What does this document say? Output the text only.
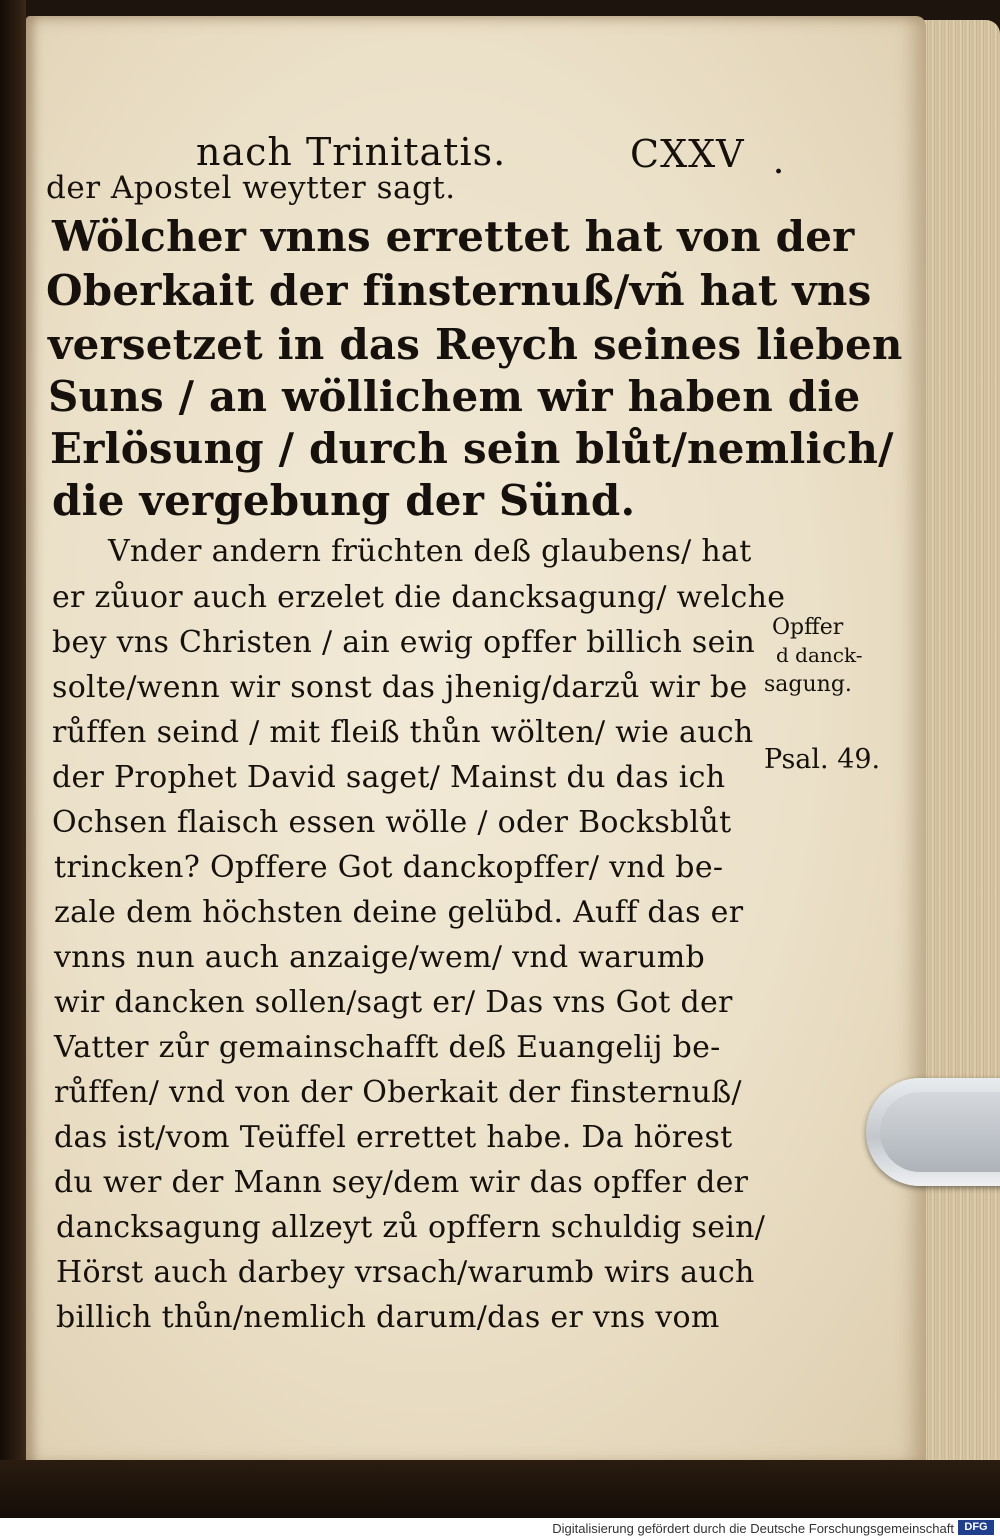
nach Trinitatis.	CXXV .

der Apostel weytter sagt.

Wölcher vnns errettet hat von der

Oberkait der finsternuß/vñ hat vns

versetzet in das Reych seines lieben

Suns / an wöllichem wir haben die

Erlösung / durch sein blůt/nemlich/

die vergebung der Sünd.

Vnder andern früchten deß glaubens/ hat

er zůuor auch erzelet die dancksagung/ welche

bey vns Christen / ain ewig opffer billich sein

solte/wenn wir sonst das jhenig/darzů wir be

růffen seind / mit fleiß thůn wölten/ wie auch

der Prophet David saget/ Mainst du das ich

Ochsen flaisch essen wölle / oder Bocksblůt

trincken? Opffere Got danckopffer/ vnd be-

zale dem höchsten deine gelübd. Auff das er

vnns nun auch anzaige/wem/ vnd warumb

wir dancken sollen/sagt er/ Das vns Got der

Vatter zůr gemainschafft deß Euangelij be-

růffen/ vnd von der Oberkait der finsternuß/

das ist/vom Teüffel errettet habe. Da hörest

du wer der Mann sey/dem wir das opffer der

dancksagung allzeyt zů opffern schuldig sein/

Hörst auch darbey vrsach/warumb wirs auch

billich thůn/nemlich darum/das er vns vom

Opffer

d danck-

sagung.

Psal. 49.

Digitalisierung gefördert durch die Deutsche Forschungsgemeinschaft DFG
